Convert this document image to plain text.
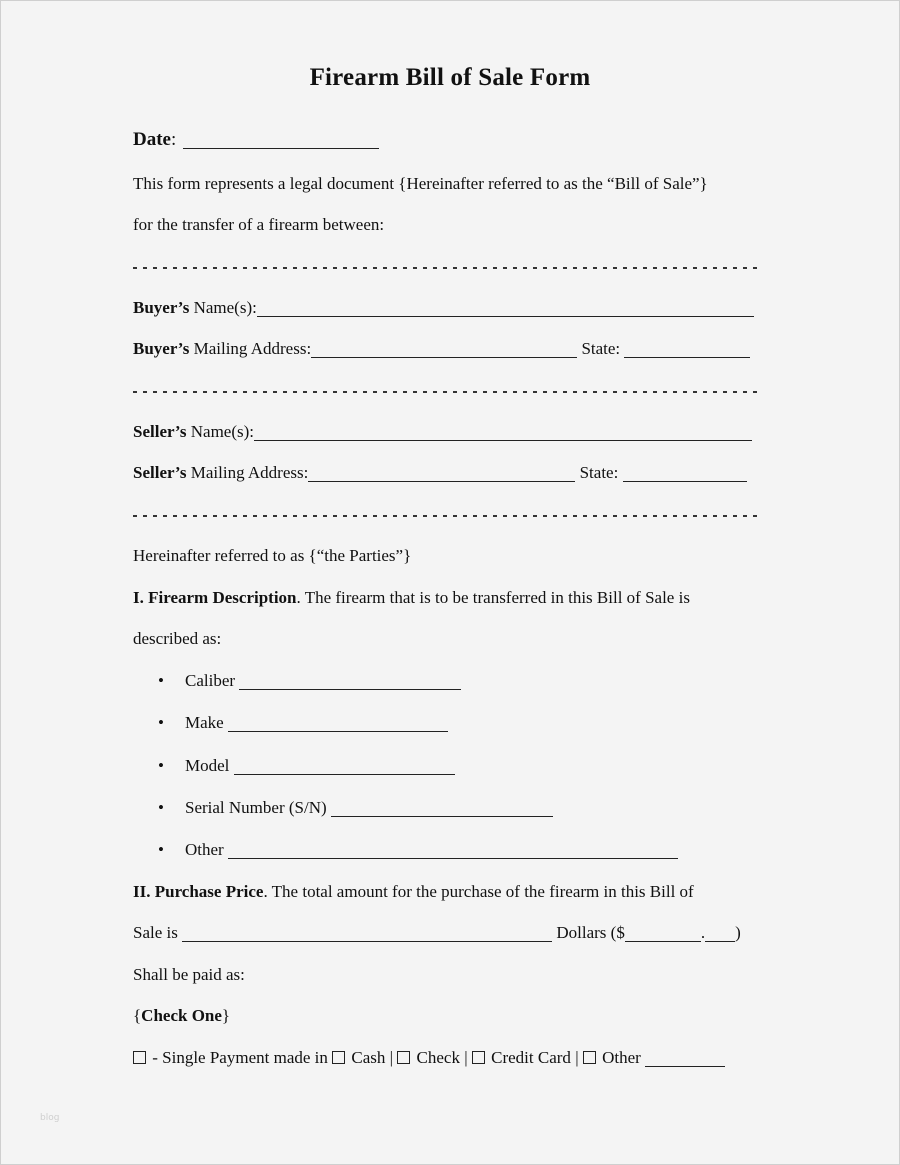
Firearm Bill of Sale Form
Date:
This form represents a legal document {Hereinafter referred to as the “Bill of Sale”}
for the transfer of a firearm between:
Buyer’s Name(s):
Buyer’s Mailing Address:	State:
Seller’s Name(s):
Seller’s Mailing Address:	State:
Hereinafter referred to as {“the Parties”}
I. Firearm Description. The firearm that is to be transferred in this Bill of Sale is
described as:
• Caliber
• Make
• Model
• Serial Number (S/N)
• Other
II. Purchase Price. The total amount for the purchase of the firearm in this Bill of
Sale is	Dollars ($	. )
Shall be paid as:
{Check One}
- Single Payment made in Cash | Check | Credit Card | Other
blog
